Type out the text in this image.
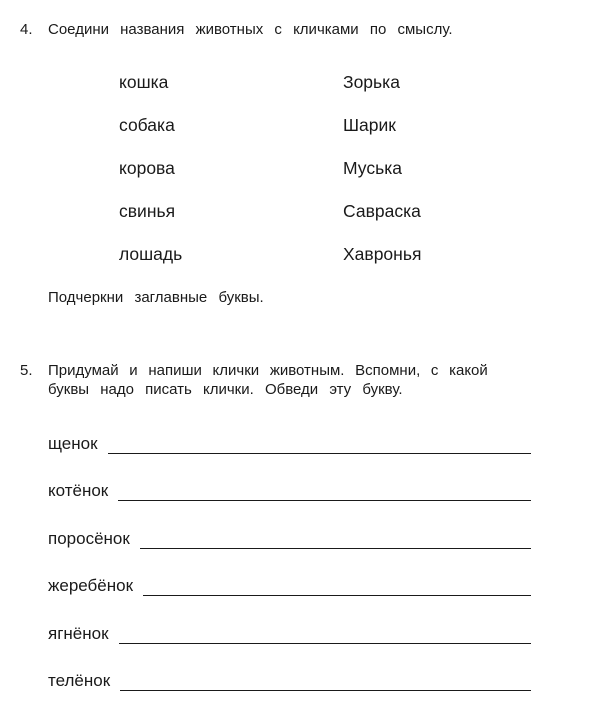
4. Соедини названия животных с кличками по смыслу.
кошка
собака
корова
свинья
лошадь
Зорька
Шарик
Муська
Савраска
Хавронья
Подчеркни заглавные буквы.
5. Придумай и напиши клички животным. Вспомни, с какой
буквы надо писать клички. Обведи эту букву.
щенок
котёнок
поросёнок
жеребёнок
ягнёнок
телёнок
